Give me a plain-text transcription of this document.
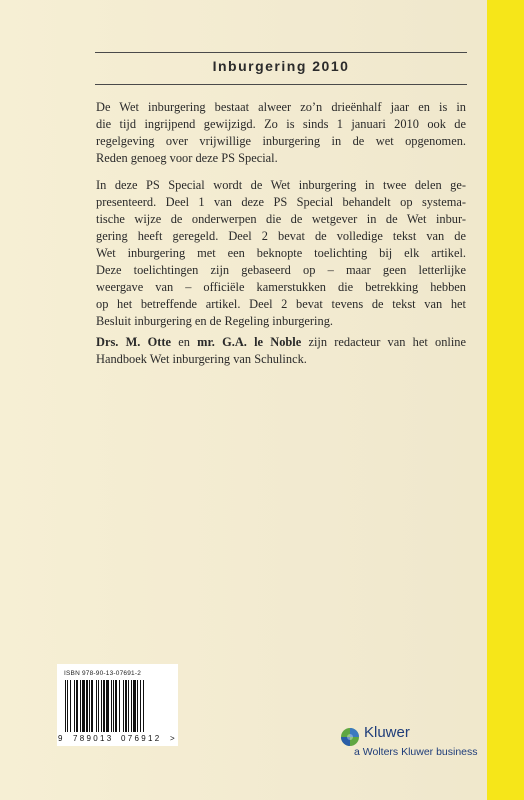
Inburgering 2010
De Wet inburgering bestaat alweer zo’n drieënhalf jaar en is in
die tijd ingrijpend gewijzigd. Zo is sinds 1 januari 2010 ook de
regelgeving over vrijwillige inburgering in de wet opgenomen.
Reden genoeg voor deze PS Special.
In deze PS Special wordt de Wet inburgering in twee delen ge-
presenteerd. Deel 1 van deze PS Special behandelt op systema-
tische wijze de onderwerpen die de wetgever in de Wet inbur-
gering heeft geregeld. Deel 2 bevat de volledige tekst van de
Wet inburgering met een beknopte toelichting bij elk artikel.
Deze toelichtingen zijn gebaseerd op – maar geen letterlijke
weergave van – officiële kamerstukken die betrekking hebben
op het betreffende artikel. Deel 2 bevat tevens de tekst van het
Besluit inburgering en de Regeling inburgering.
Drs. M. Otte en mr. G.A. le Noble zijn redacteur van het online
Handboek Wet inburgering van Schulinck.
ISBN 978-90-13-07691-2
9 789013 076912 >	Kluwer
a Wolters Kluwer business
